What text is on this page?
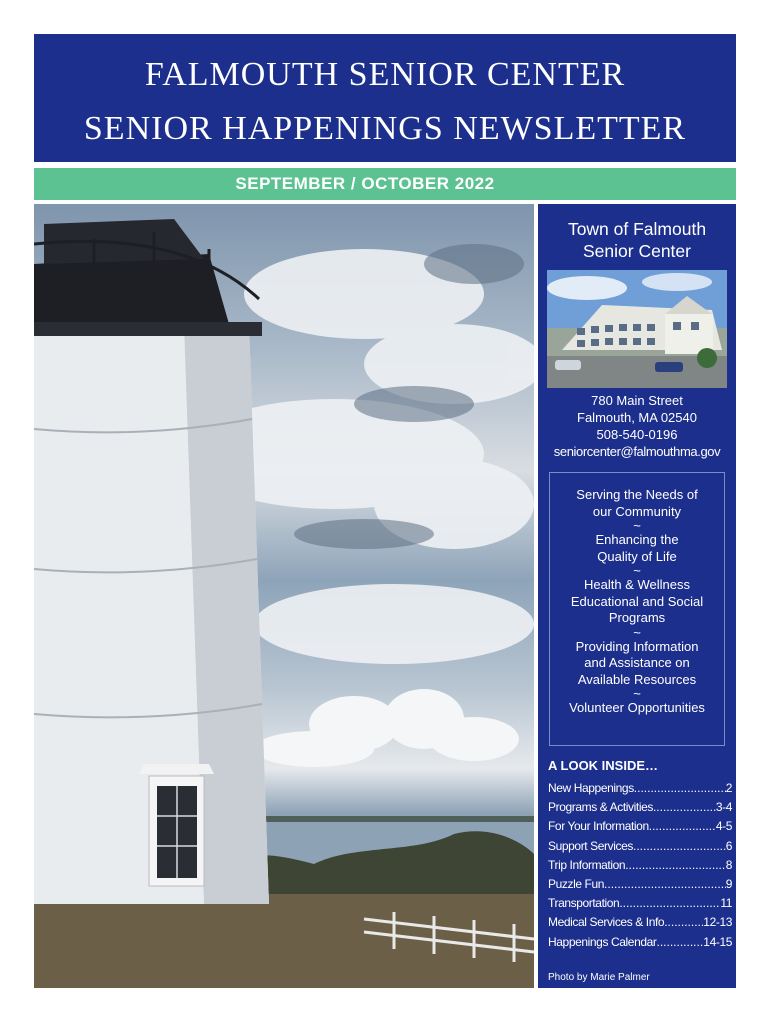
FALMOUTH SENIOR CENTER
SENIOR HAPPENINGS NEWSLETTER
SEPTEMBER / OCTOBER 2022
Town of Falmouth
Senior Center
780 Main Street
Falmouth, MA 02540
508-540-0196
seniorcenter@falmouthma.gov
Serving the Needs of
our Community
~
Enhancing the
Quality of Life
~
Health & Wellness
Educational and Social
Programs
~
Providing Information
and Assistance on
Available Resources
~
Volunteer Opportunities
A LOOK INSIDE…
New Happenings .....	2
Programs & Activities .....	3-4
For Your Information .....	4-5
Support Services .....	6
Trip Information .....	8
Puzzle Fun .....	9
Transportation .....	11
Medical Services & Info .....	12-13
Happenings Calendar .....	14-15
Photo by Marie Palmer
